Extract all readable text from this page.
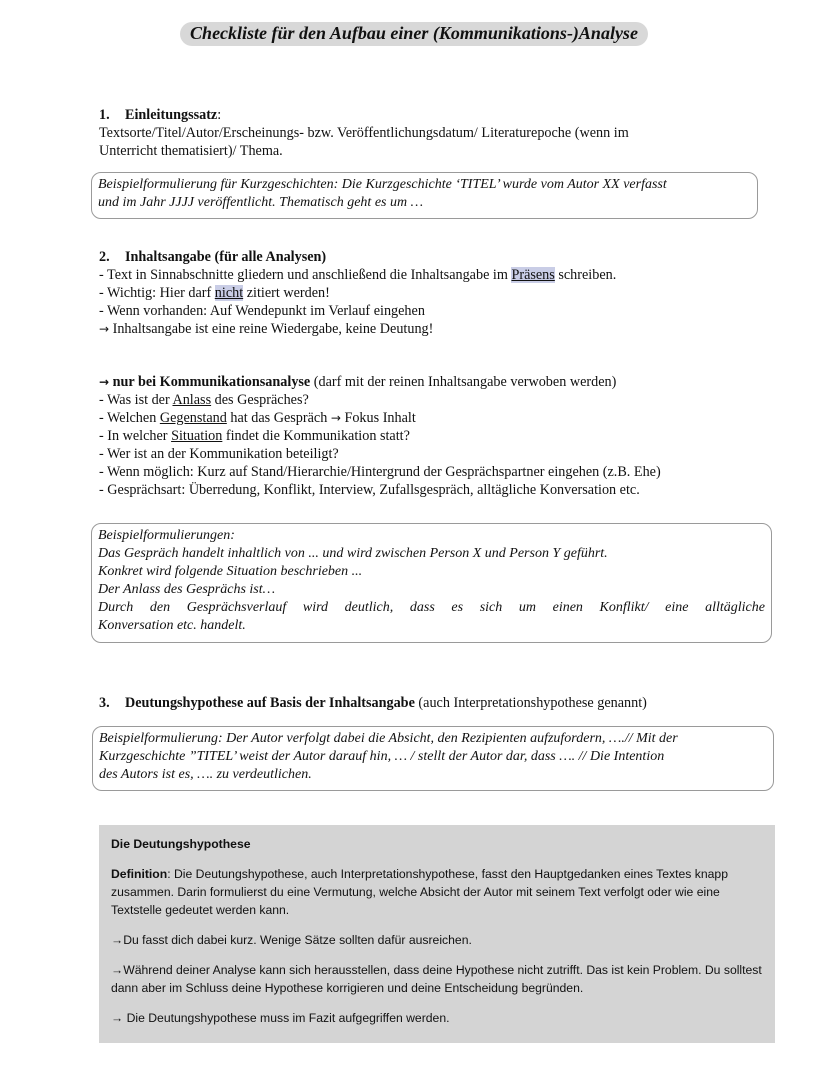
Checkliste für den Aufbau einer (Kommunikations-)Analyse

1. Einleitungssatz:

Textsorte/Titel/Autor/Erscheinungs- bzw. Veröffentlichungsdatum/ Literaturepoche (wenn im

Unterricht thematisiert)/ Thema.

Beispielformulierung für Kurzgeschichten: Die Kurzgeschichte ‘TITEL’ wurde vom Autor XX verfasst

und im Jahr JJJJ veröffentlicht. Thematisch geht es um …

2. Inhaltsangabe (für alle Analysen)

- Text in Sinnabschnitte gliedern und anschließend die Inhaltsangabe im Präsens schreiben.

- Wichtig: Hier darf nicht zitiert werden!

- Wenn vorhanden: Auf Wendepunkt im Verlauf eingehen

→ Inhaltsangabe ist eine reine Wiedergabe, keine Deutung!

→ nur bei Kommunikationsanalyse (darf mit der reinen Inhaltsangabe verwoben werden)

- Was ist der Anlass des Gespräches?

- Welchen Gegenstand hat das Gespräch → Fokus Inhalt

- In welcher Situation findet die Kommunikation statt?

- Wer ist an der Kommunikation beteiligt?

- Wenn möglich: Kurz auf Stand/Hierarchie/Hintergrund der Gesprächspartner eingehen (z.B. Ehe)

- Gesprächsart: Überredung, Konflikt, Interview, Zufallsgespräch, alltägliche Konversation etc.

Beispielformulierungen:

Das Gespräch handelt inhaltlich von ... und wird zwischen Person X und Person Y geführt.

Konkret wird folgende Situation beschrieben ...

Der Anlass des Gesprächs ist…

Durch den Gesprächsverlauf wird deutlich, dass es sich um einen Konflikt/ eine alltägliche

Konversation etc. handelt.

3. Deutungshypothese auf Basis der Inhaltsangabe (auch Interpretationshypothese genannt)

Beispielformulierung: Der Autor verfolgt dabei die Absicht, den Rezipienten aufzufordern, ….// Mit der

Kurzgeschichte ”TITEL’ weist der Autor darauf hin, … / stellt der Autor dar, dass …. // Die Intention

des Autors ist es, …. zu verdeutlichen.

Die Deutungshypothese

Definition: Die Deutungshypothese, auch Interpretationshypothese, fasst den Hauptgedanken eines Textes knapp zusammen. Darin formulierst du eine Vermutung, welche Absicht der Autor mit seinem Text verfolgt oder wie eine Textstelle gedeutet werden kann.

→Du fasst dich dabei kurz. Wenige Sätze sollten dafür ausreichen.

→Während deiner Analyse kann sich herausstellen, dass deine Hypothese nicht zutrifft. Das ist kein Problem. Du solltest dann aber im Schluss deine Hypothese korrigieren und deine Entscheidung begründen.

→ Die Deutungshypothese muss im Fazit aufgegriffen werden.
